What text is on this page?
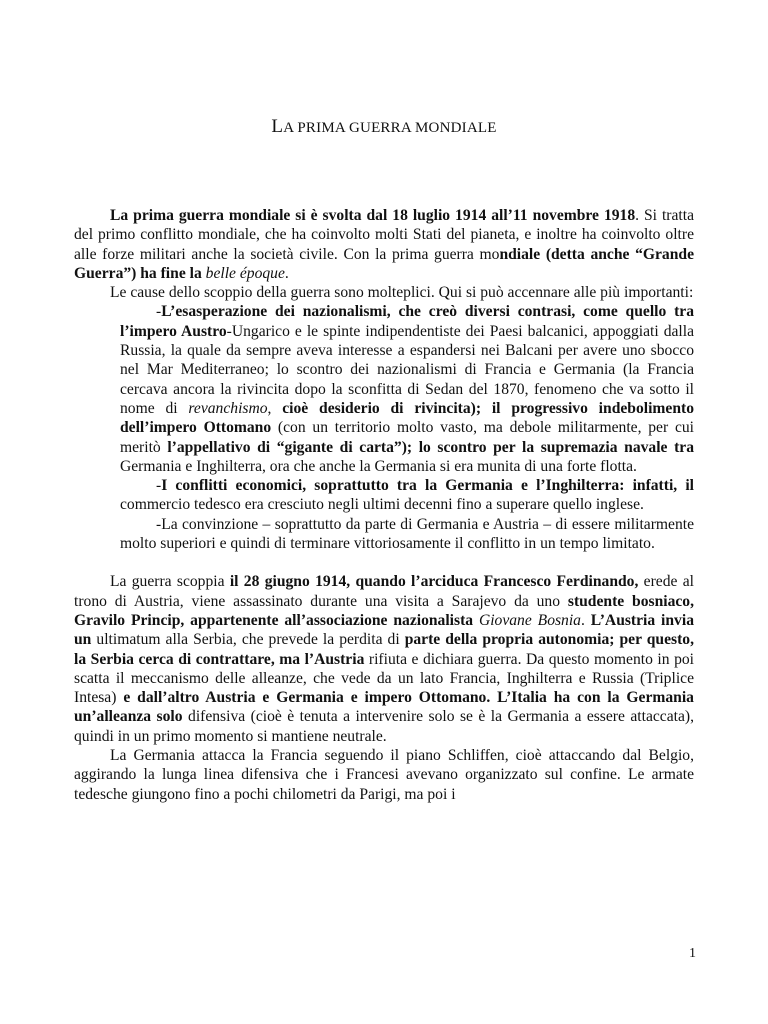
LA PRIMA GUERRA MONDIALE

La prima guerra mondiale si è svolta dal 18 luglio 1914 all’11 novembre 1918. Si tratta del primo conflitto mondiale, che ha coinvolto molti Stati del pianeta, e inoltre ha coinvolto oltre alle forze militari anche la società civile. Con la prima guerra mondiale (detta anche “Grande Guerra”) ha fine la belle époque.

Le cause dello scoppio della guerra sono molteplici. Qui si può accennare alle più importanti:

-L’esasperazione dei nazionalismi, che creò diversi contrasi, come quello tra l’impero Austro-Ungarico e le spinte indipendentiste dei Paesi balcanici, appoggiati dalla Russia, la quale da sempre aveva interesse a espandersi nei Balcani per avere uno sbocco nel Mar Mediterraneo; lo scontro dei nazionalismi di Francia e Germania (la Francia cercava ancora la rivincita dopo la sconfitta di Sedan del 1870, fenomeno che va sotto il nome di revanchismo, cioè desiderio di rivincita); il progressivo indebolimento dell’impero Ottomano (con un territorio molto vasto, ma debole militarmente, per cui meritò l’appellativo di “gigante di carta”); lo scontro per la supremazia navale tra Germania e Inghilterra, ora che anche la Germania si era munita di una forte flotta.
-I conflitti economici, soprattutto tra la Germania e l’Inghilterra: infatti, il commercio tedesco era cresciuto negli ultimi decenni fino a superare quello inglese.
-La convinzione – soprattutto da parte di Germania e Austria – di essere militarmente molto superiori e quindi di terminare vittoriosamente il conflitto in un tempo limitato.

La guerra scoppia il 28 giugno 1914, quando l’arciduca Francesco Ferdinando, erede al trono di Austria, viene assassinato durante una visita a Sarajevo da uno studente bosniaco, Gravilo Princip, appartenente all’associazione nazionalista Giovane Bosnia. L’Austria invia un ultimatum alla Serbia, che prevede la perdita di parte della propria autonomia; per questo, la Serbia cerca di contrattare, ma l’Austria rifiuta e dichiara guerra. Da questo momento in poi scatta il meccanismo delle alleanze, che vede da un lato Francia, Inghilterra e Russia (Triplice Intesa) e dall’altro Austria e Germania e impero Ottomano. L’Italia ha con la Germania un’alleanza solo difensiva (cioè è tenuta a intervenire solo se è la Germania a essere attaccata), quindi in un primo momento si mantiene neutrale.

La Germania attacca la Francia seguendo il piano Schliffen, cioè attaccando dal Belgio, aggirando la lunga linea difensiva che i Francesi avevano organizzato sul confine. Le armate tedesche giungono fino a pochi chilometri da Parigi, ma poi i

1
